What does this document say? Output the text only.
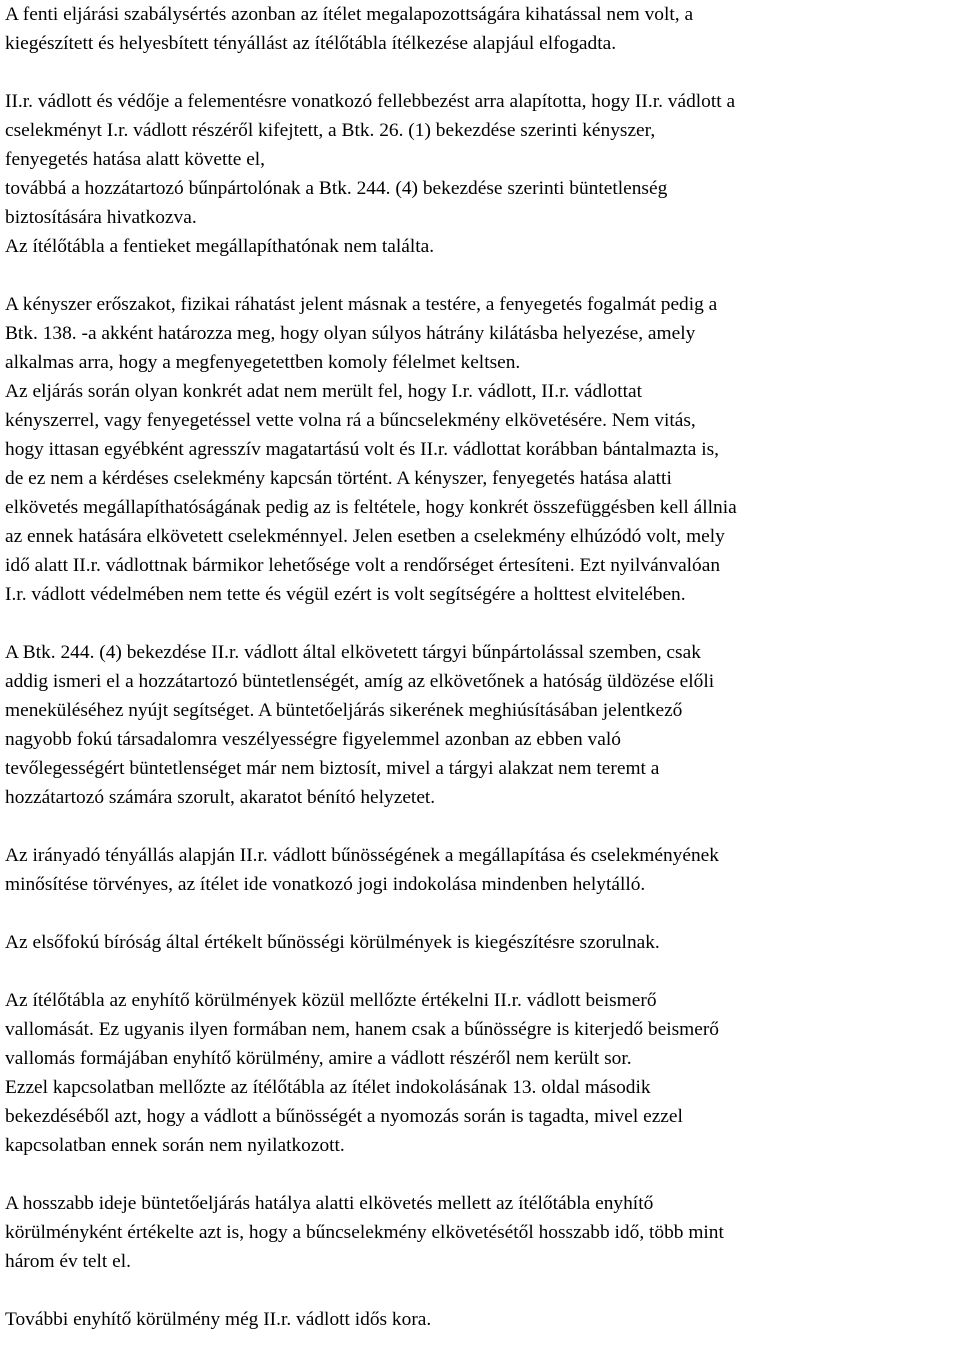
A fenti eljárási szabálysértés azonban az ítélet megalapozottságára kihatással nem volt, a
kiegészített és helyesbített tényállást az ítélőtábla ítélkezése alapjául elfogadta.
II.r. vádlott és védője a felementésre vonatkozó fellebbezést arra alapította, hogy II.r. vádlott a
cselekményt I.r. vádlott részéről kifejtett, a Btk. 26. (1) bekezdése szerinti kényszer,
fenyegetés hatása alatt követte el,
továbbá a hozzátartozó bűnpártolónak a Btk. 244. (4) bekezdése szerinti büntetlenség
biztosítására hivatkozva.
Az ítélőtábla a fentieket megállapíthatónak nem találta.
A kényszer erőszakot, fizikai ráhatást jelent másnak a testére, a fenyegetés fogalmát pedig a
Btk. 138. -a akként határozza meg, hogy olyan súlyos hátrány kilátásba helyezése, amely
alkalmas arra, hogy a megfenyegetettben komoly félelmet keltsen.
Az eljárás során olyan konkrét adat nem merült fel, hogy I.r. vádlott, II.r. vádlottat
kényszerrel, vagy fenyegetéssel vette volna rá a bűncselekmény elkövetésére. Nem vitás,
hogy ittasan egyébként agresszív magatartású volt és II.r. vádlottat korábban bántalmazta is,
de ez nem a kérdéses cselekmény kapcsán történt. A kényszer, fenyegetés hatása alatti
elkövetés megállapíthatóságának pedig az is feltétele, hogy konkrét összefüggésben kell állnia
az ennek hatására elkövetett cselekménnyel. Jelen esetben a cselekmény elhúzódó volt, mely
idő alatt II.r. vádlottnak bármikor lehetősége volt a rendőrséget értesíteni. Ezt nyilvánvalóan
I.r. vádlott védelmében nem tette és végül ezért is volt segítségére a holttest elvitelében.
A Btk. 244. (4) bekezdése II.r. vádlott által elkövetett tárgyi bűnpártolással szemben, csak
addig ismeri el a hozzátartozó büntetlenségét, amíg az elkövetőnek a hatóság üldözése előli
meneküléséhez nyújt segítséget. A büntetőeljárás sikerének meghiúsításában jelentkező
nagyobb fokú társadalomra veszélyességre figyelemmel azonban az ebben való
tevőlegességért büntetlenséget már nem biztosít, mivel a tárgyi alakzat nem teremt a
hozzátartozó számára szorult, akaratot bénító helyzetet.
Az irányadó tényállás alapján II.r. vádlott bűnösségének a megállapítása és cselekményének
minősítése törvényes, az ítélet ide vonatkozó jogi indokolása mindenben helytálló.
Az elsőfokú bíróság által értékelt bűnösségi körülmények is kiegészítésre szorulnak.
Az ítélőtábla az enyhítő körülmények közül mellőzte értékelni II.r. vádlott beismerő
vallomását. Ez ugyanis ilyen formában nem, hanem csak a bűnösségre is kiterjedő beismerő
vallomás formájában enyhítő körülmény, amire a vádlott részéről nem került sor.
Ezzel kapcsolatban mellőzte az ítélőtábla az ítélet indokolásának 13. oldal második
bekezdéséből azt, hogy a vádlott a bűnösségét a nyomozás során is tagadta, mivel ezzel
kapcsolatban ennek során nem nyilatkozott.
A hosszabb ideje büntetőeljárás hatálya alatti elkövetés mellett az ítélőtábla enyhítő
körülményként értékelte azt is, hogy a bűncselekmény elkövetésétől hosszabb idő, több mint
három év telt el.
További enyhítő körülmény még II.r. vádlott idős kora.
